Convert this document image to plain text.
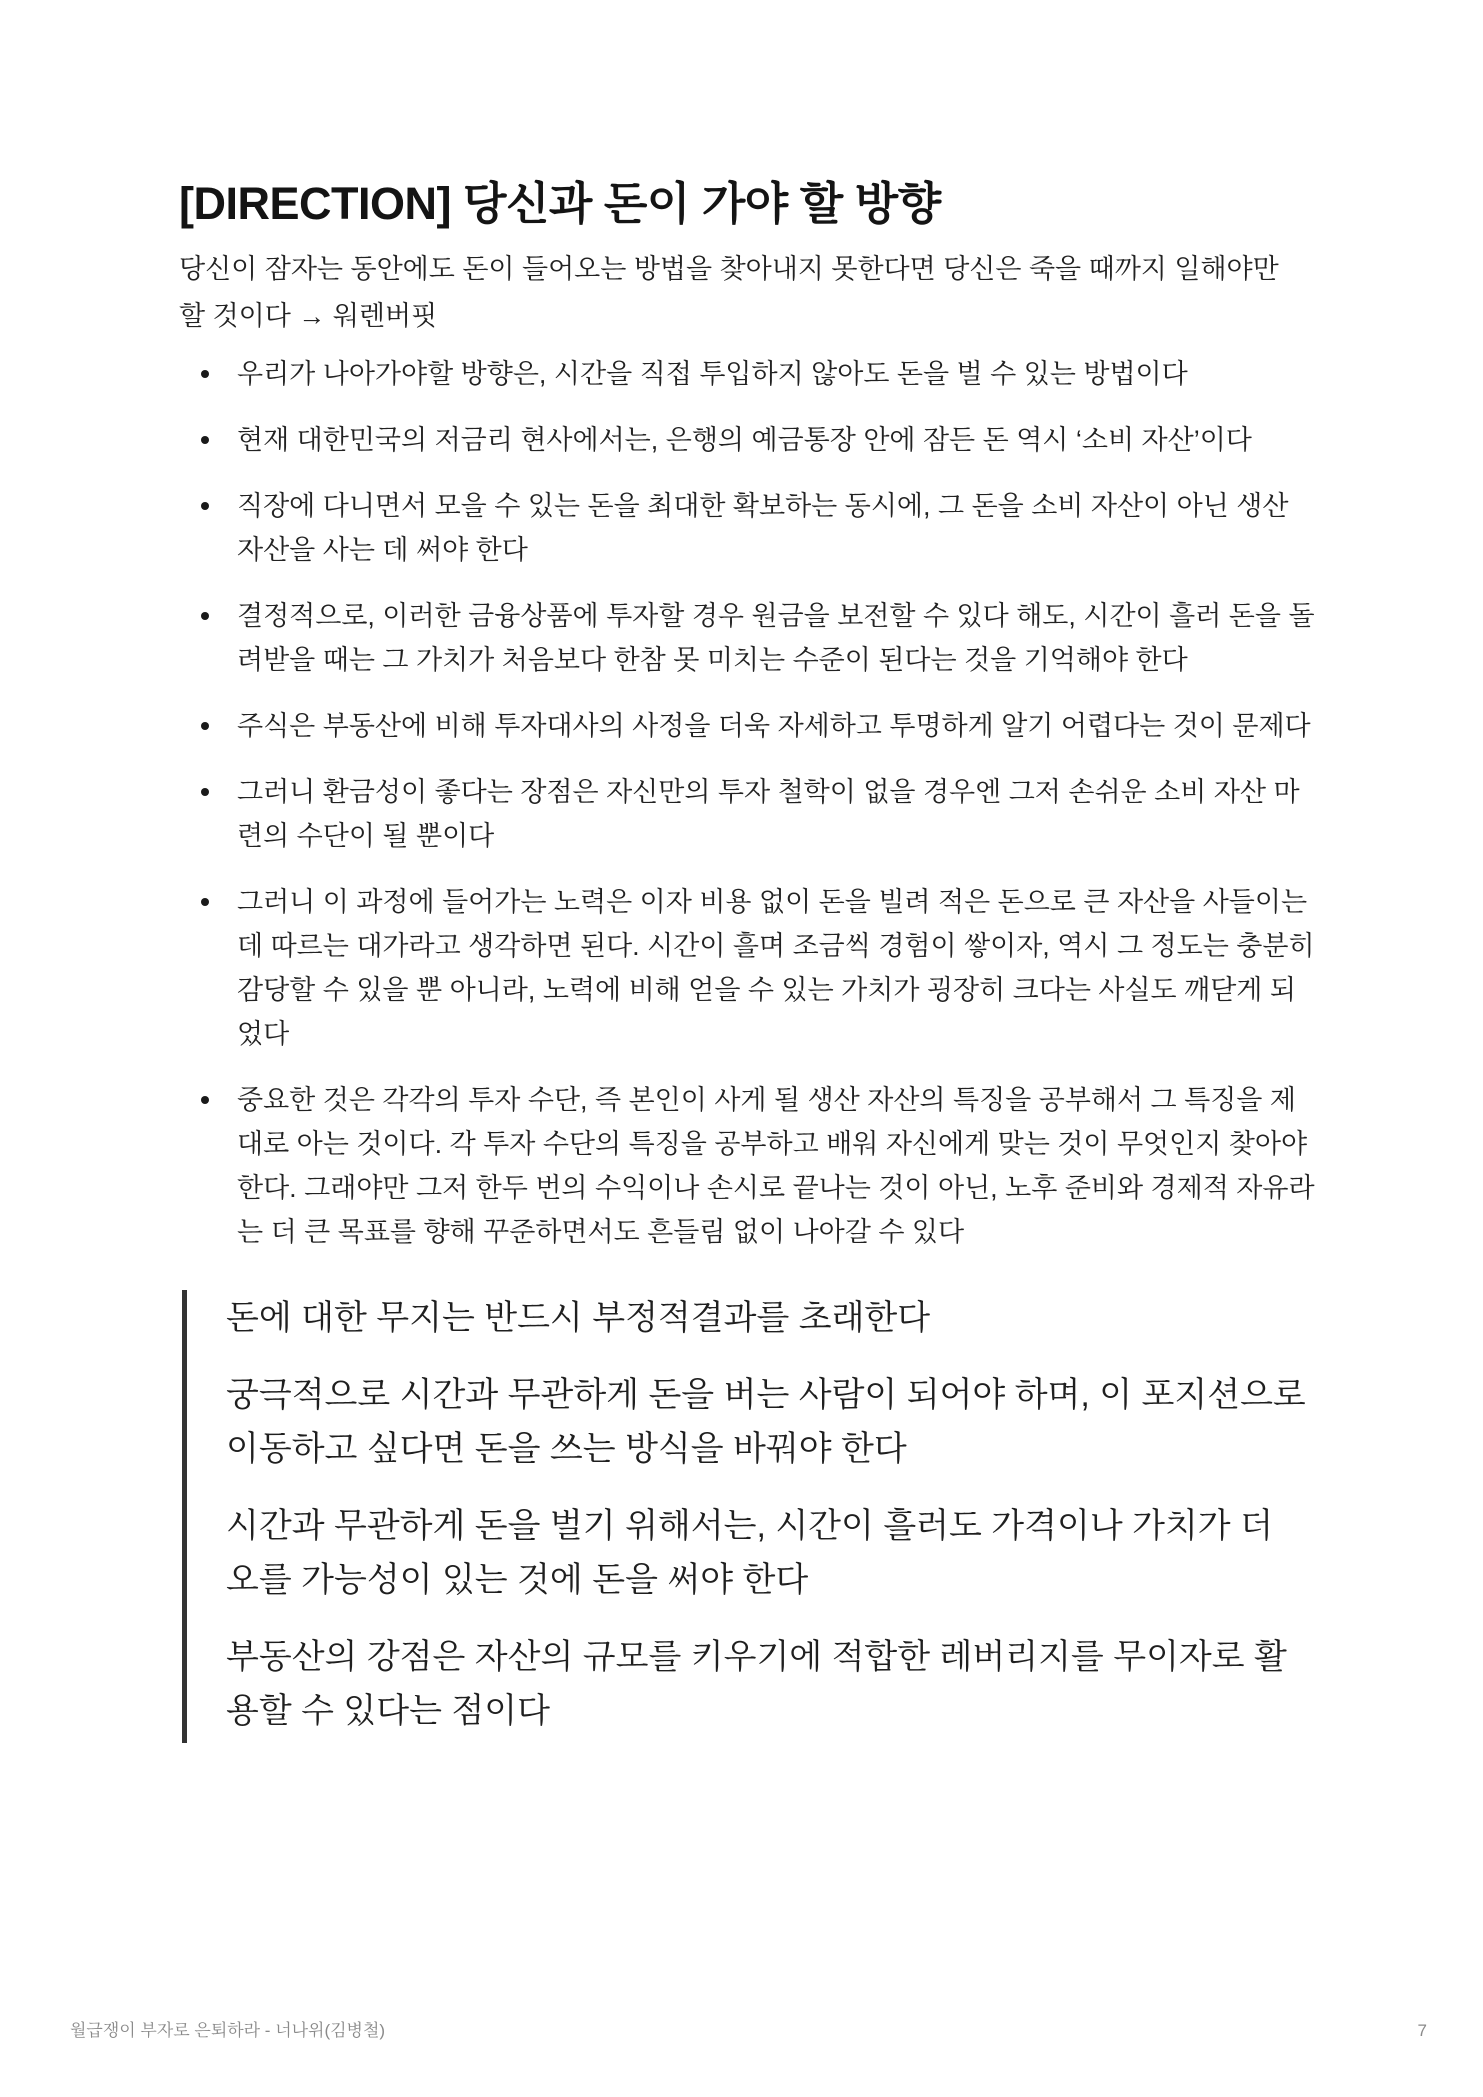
[DIRECTION] 당신과 돈이 가야 할 방향

당신이 잠자는 동안에도 돈이 들어오는 방법을 찾아내지 못한다면 당신은 죽을 때까지 일해야만 할 것이다 → 워렌버핏

우리가 나아가야할 방향은, 시간을 직접 투입하지 않아도 돈을 벌 수 있는 방법이다
현재 대한민국의 저금리 현사에서는, 은행의 예금통장 안에 잠든 돈 역시 ‘소비 자산’이다
직장에 다니면서 모을 수 있는 돈을 최대한 확보하는 동시에, 그 돈을 소비 자산이 아닌 생산 자산을 사는 데 써야 한다
결정적으로, 이러한 금융상품에 투자할 경우 원금을 보전할 수 있다 해도, 시간이 흘러 돈을 돌려받을 때는 그 가치가 처음보다 한참 못 미치는 수준이 된다는 것을 기억해야 한다
주식은 부동산에 비해 투자대사의 사정을 더욱 자세하고 투명하게 알기 어렵다는 것이 문제다
그러니 환금성이 좋다는 장점은 자신만의 투자 철학이 없을 경우엔 그저 손쉬운 소비 자산 마련의 수단이 될 뿐이다
그러니 이 과정에 들어가는 노력은 이자 비용 없이 돈을 빌려 적은 돈으로 큰 자산을 사들이는 데 따르는 대가라고 생각하면 된다. 시간이 흘며 조금씩 경험이 쌓이자, 역시 그 정도는 충분히 감당할 수 있을 뿐 아니라, 노력에 비해 얻을 수 있는 가치가 굉장히 크다는 사실도 깨닫게 되었다
중요한 것은 각각의 투자 수단, 즉 본인이 사게 될 생산 자산의 특징을 공부해서 그 특징을 제대로 아는 것이다. 각 투자 수단의 특징을 공부하고 배워 자신에게 맞는 것이 무엇인지 찾아야 한다. 그래야만 그저 한두 번의 수익이나 손시로 끝나는 것이 아닌, 노후 준비와 경제적 자유라는 더 큰 목표를 향해 꾸준하면서도 흔들림 없이 나아갈 수 있다

돈에 대한 무지는 반드시 부정적결과를 초래한다

궁극적으로 시간과 무관하게 돈을 버는 사람이 되어야 하며, 이 포지션으로 이동하고 싶다면 돈을 쓰는 방식을 바꿔야 한다

시간과 무관하게 돈을 벌기 위해서는, 시간이 흘러도 가격이나 가치가 더 오를 가능성이 있는 것에 돈을 써야 한다

부동산의 강점은 자산의 규모를 키우기에 적합한 레버리지를 무이자로 활용할 수 있다는 점이다

월급쟁이 부자로 은퇴하라 - 너나위(김병철)	7
